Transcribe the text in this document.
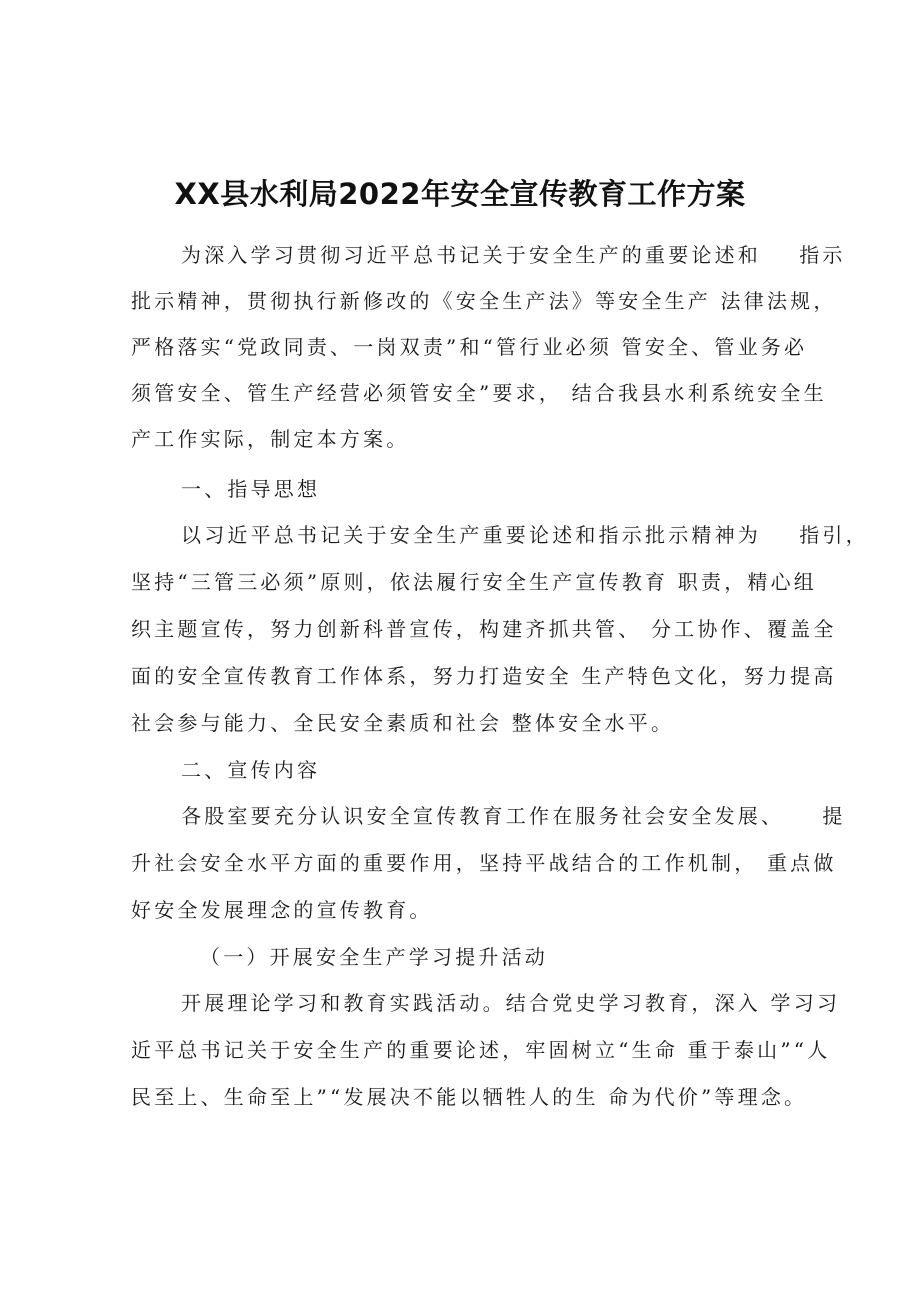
XX县水利局2022年安全宣传教育工作方案
为深入学习贯彻习近平总书记关于安全生产的重要论述和    指示
批示精神，贯彻执行新修改的《安全生产法》等安全生产 法律法规，
严格落实“党政同责、一岗双责”和“管行业必须 管安全、管业务必
须管安全、管生产经营必须管安全”要求， 结合我县水利系统安全生
产工作实际，制定本方案。
一、指导思想
以习近平总书记关于安全生产重要论述和指示批示精神为    指引，
坚持“三管三必须”原则，依法履行安全生产宣传教育 职责，精心组
织主题宣传，努力创新科普宣传，构建齐抓共管、 分工协作、覆盖全
面的安全宣传教育工作体系，努力打造安全 生产特色文化，努力提高
社会参与能力、全民安全素质和社会 整体安全水平。
二、宣传内容
各股室要充分认识安全宣传教育工作在服务社会安全发展、    提
升社会安全水平方面的重要作用，坚持平战结合的工作机制， 重点做
好安全发展理念的宣传教育。
（一）开展安全生产学习提升活动
开展理论学习和教育实践活动。结合党史学习教育，深入 学习习
近平总书记关于安全生产的重要论述，牢固树立“生命 重于泰山”“人
民至上、生命至上”“发展决不能以牺牲人的生 命为代价”等理念。
